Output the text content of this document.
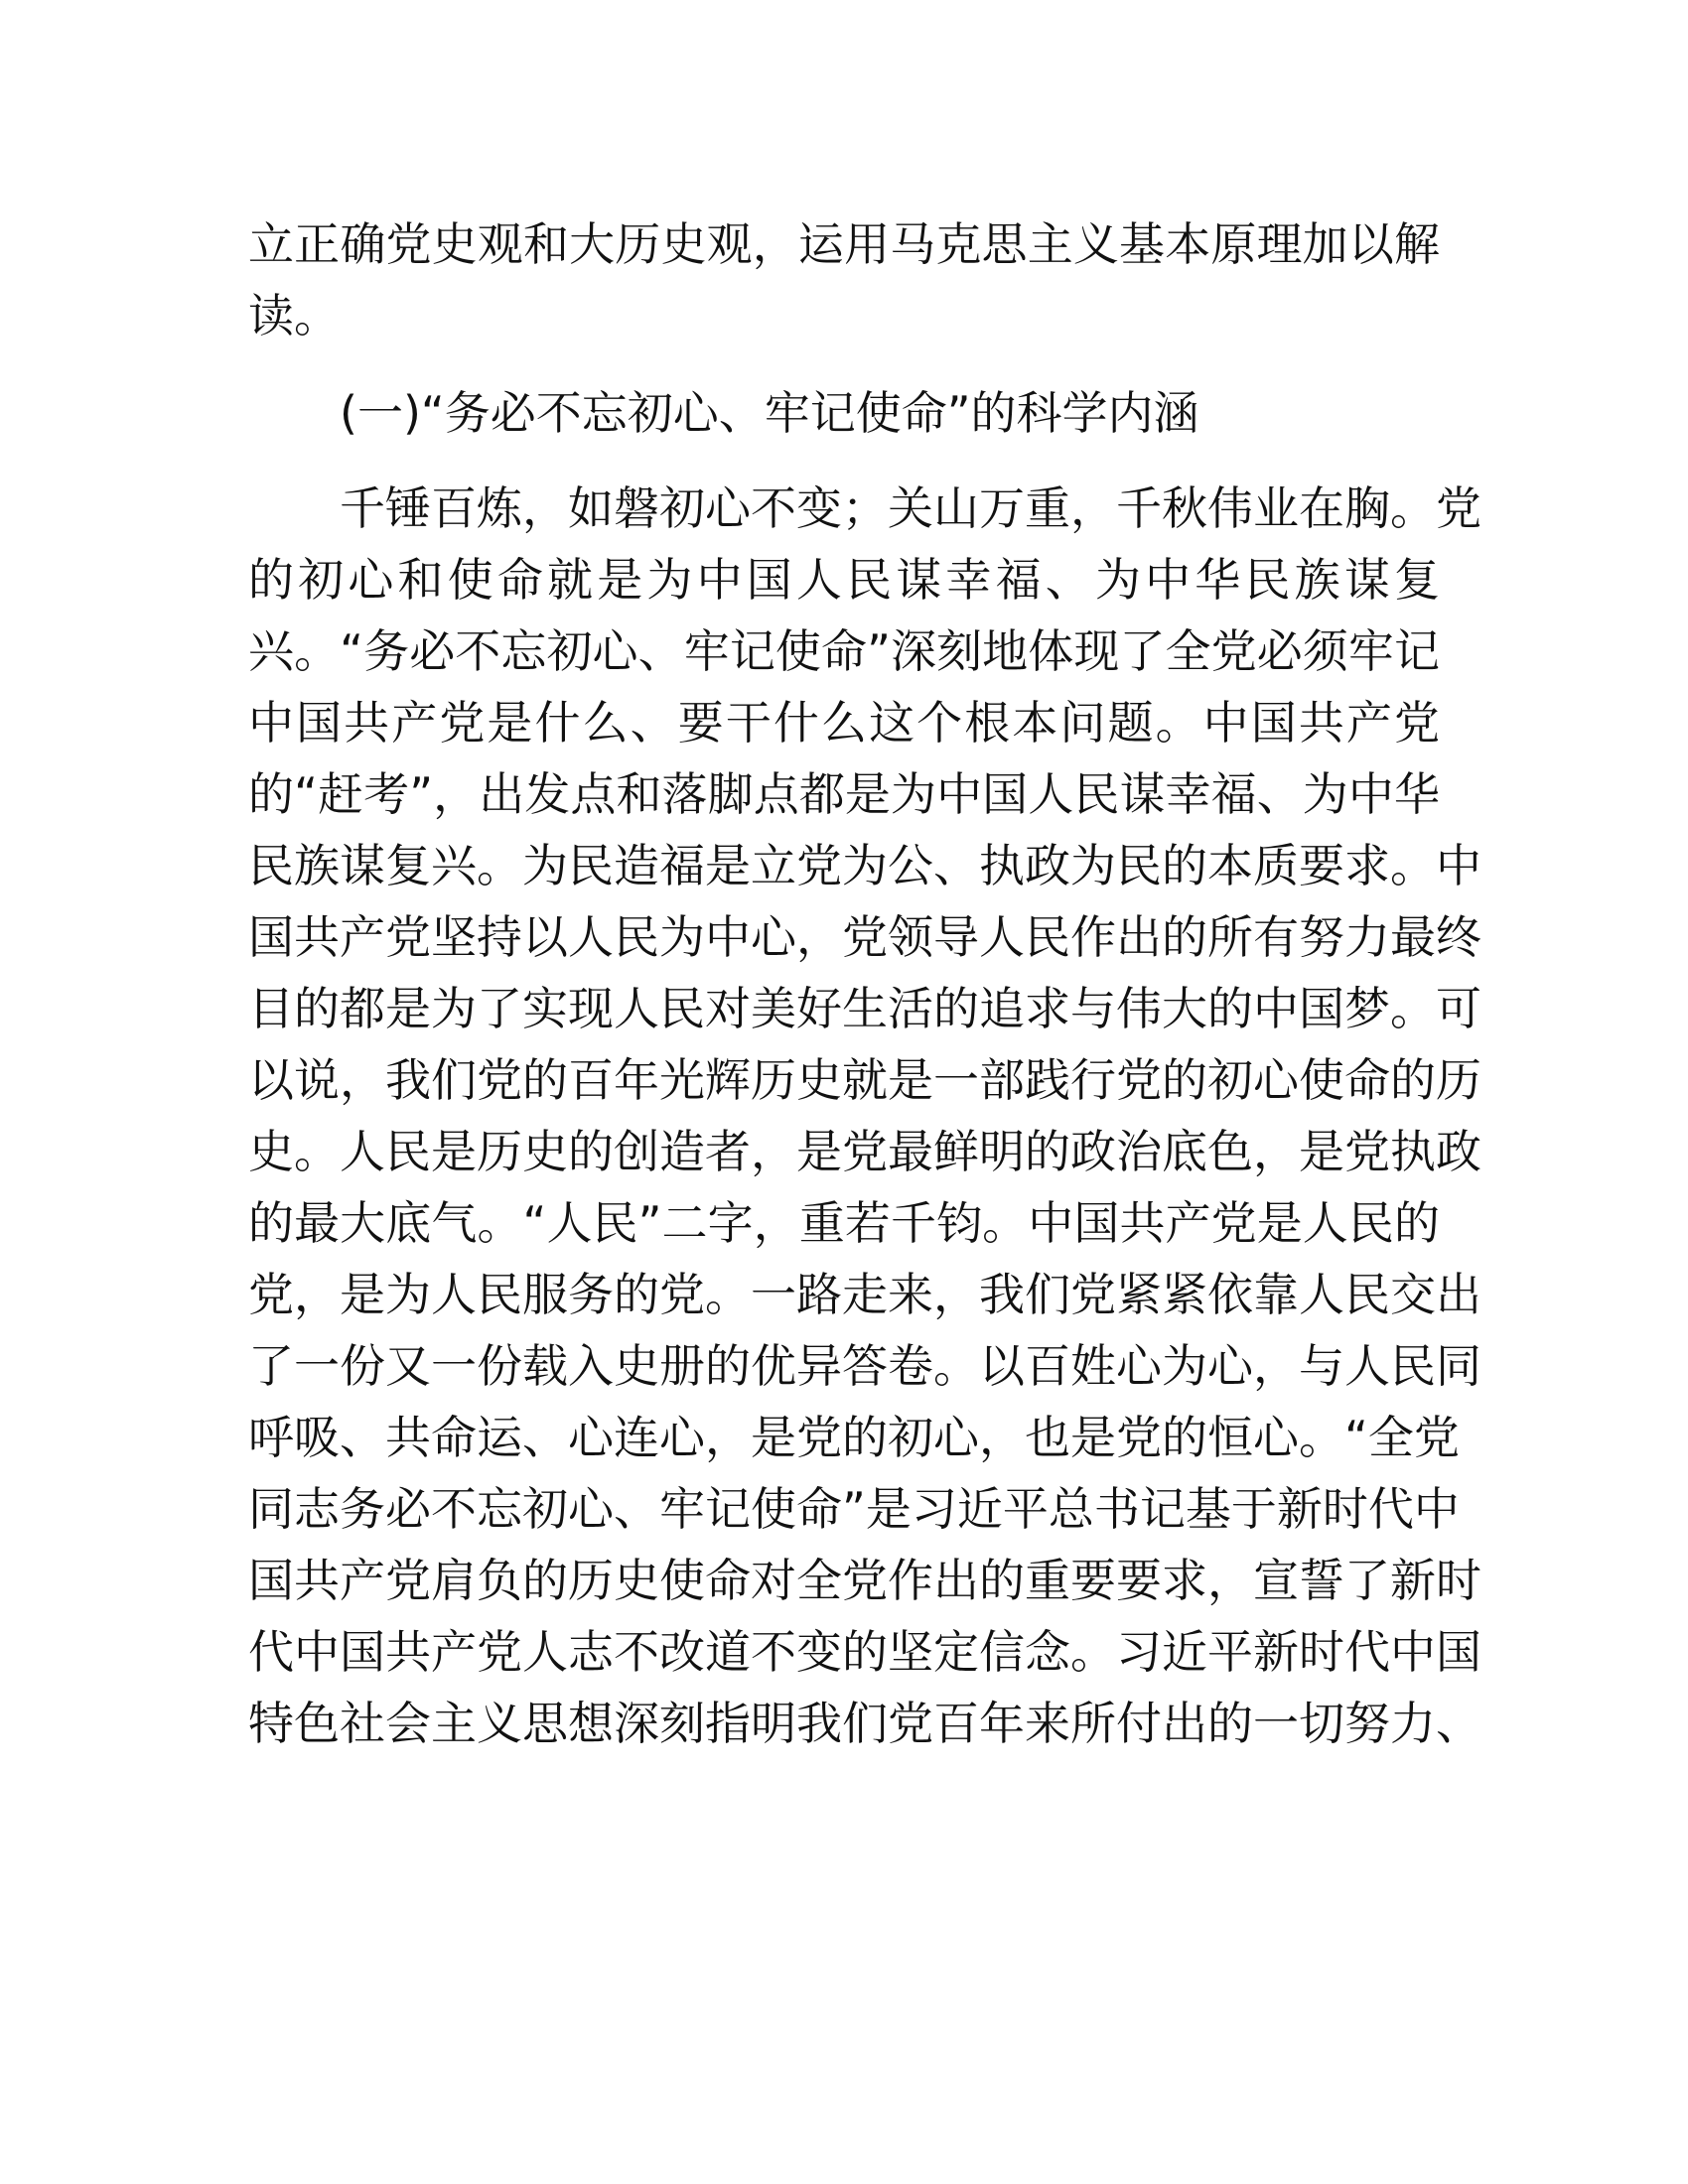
立正确党史观和大历史观，运用马克思主义基本原理加以解
读。
(一)“务必不忘初心、牢记使命”的科学内涵
千锤百炼，如磐初心不变；关山万重，千秋伟业在胸。党
的初心和使命就是为中国人民谋幸福、为中华民族谋复
兴。“务必不忘初心、牢记使命”深刻地体现了全党必须牢记
中国共产党是什么、要干什么这个根本问题。中国共产党
的“赶考”，出发点和落脚点都是为中国人民谋幸福、为中华
民族谋复兴。为民造福是立党为公、执政为民的本质要求。中
国共产党坚持以人民为中心，党领导人民作出的所有努力最终
目的都是为了实现人民对美好生活的追求与伟大的中国梦。可
以说，我们党的百年光辉历史就是一部践行党的初心使命的历
史。人民是历史的创造者，是党最鲜明的政治底色，是党执政
的最大底气。“人民”二字，重若千钧。中国共产党是人民的
党，是为人民服务的党。一路走来，我们党紧紧依靠人民交出
了一份又一份载入史册的优异答卷。以百姓心为心，与人民同
呼吸、共命运、心连心，是党的初心，也是党的恒心。“全党
同志务必不忘初心、牢记使命”是习近平总书记基于新时代中
国共产党肩负的历史使命对全党作出的重要要求，宣誓了新时
代中国共产党人志不改道不变的坚定信念。习近平新时代中国
特色社会主义思想深刻指明我们党百年来所付出的一切努力、
